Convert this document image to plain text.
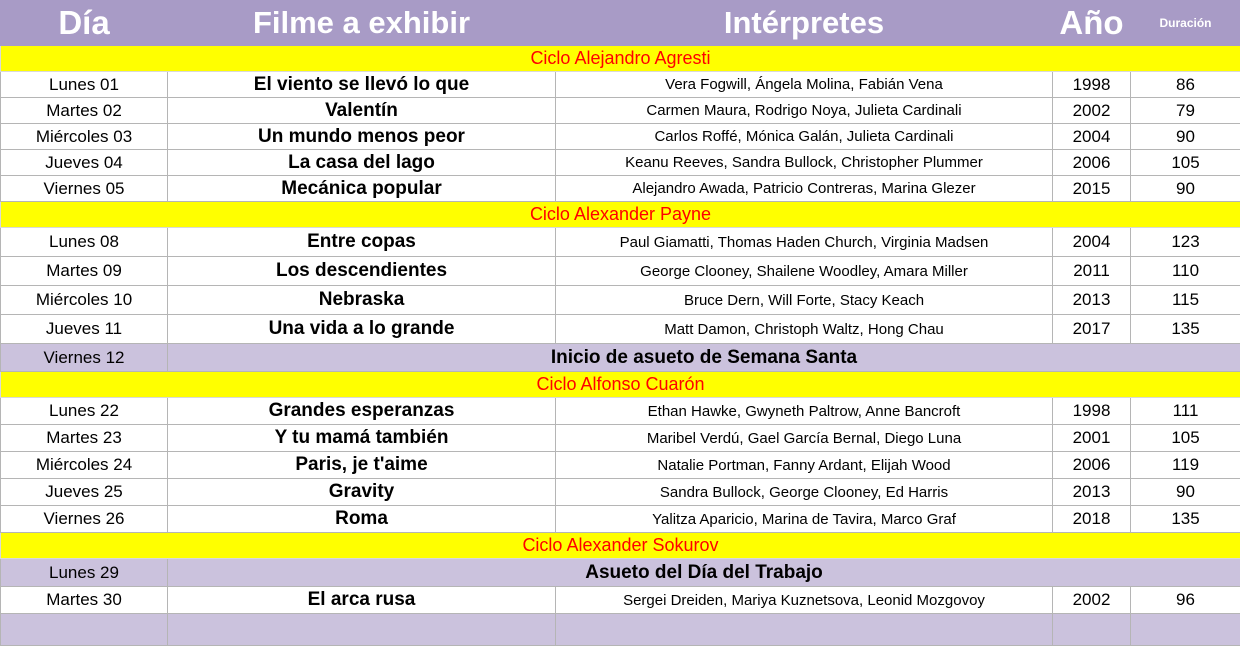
Día	Filme a exhibir	Intérpretes	Año	Duración
Ciclo Alejandro Agresti				
Lunes 01	El viento se llevó lo que	Vera Fogwill, Ángela Molina, Fabián Vena	1998	86
Martes 02	Valentín	Carmen Maura, Rodrigo Noya, Julieta Cardinali	2002	79
Miércoles 03	Un mundo menos peor	Carlos Roffé, Mónica Galán, Julieta Cardinali	2004	90
Jueves 04	La casa del lago	Keanu Reeves, Sandra Bullock, Christopher Plummer	2006	105
Viernes 05	Mecánica popular	Alejandro Awada, Patricio Contreras, Marina Glezer	2015	90
Ciclo Alexander Payne				
Lunes 08	Entre copas	Paul Giamatti, Thomas Haden Church, Virginia Madsen	2004	123
Martes 09	Los descendientes	George Clooney, Shailene Woodley, Amara Miller	2011	110
Miércoles 10	Nebraska	Bruce Dern, Will Forte, Stacy Keach	2013	115
Jueves 11	Una vida a lo grande	Matt Damon, Christoph Waltz, Hong Chau	2017	135
Viernes 12	Inicio de asueto de Semana Santa			
Ciclo Alfonso Cuarón				
Lunes 22	Grandes esperanzas	Ethan Hawke, Gwyneth Paltrow, Anne Bancroft	1998	111
Martes 23	Y tu mamá también	Maribel Verdú, Gael García Bernal, Diego Luna	2001	105
Miércoles 24	Paris, je t'aime	Natalie Portman, Fanny Ardant, Elijah Wood	2006	119
Jueves 25	Gravity	Sandra Bullock, George Clooney, Ed Harris	2013	90
Viernes 26	Roma	Yalitza Aparicio, Marina de Tavira, Marco Graf	2018	135
Ciclo Alexander Sokurov				
Lunes 29	Asueto del Día del Trabajo			
Martes 30	El arca rusa	Sergei Dreiden, Mariya Kuznetsova, Leonid Mozgovoy	2002	96
